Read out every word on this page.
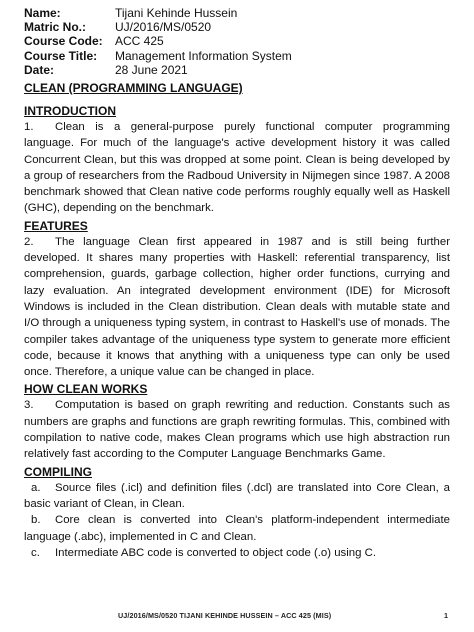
Name:	Tijani Kehinde Hussein
Matric No.:	UJ/2016/MS/0520
Course Code:	ACC 425
Course Title:	Management Information System
Date:	28 June 2021
CLEAN (PROGRAMMING LANGUAGE)
INTRODUCTION
1. Clean is a general-purpose purely functional computer programming language. For much of the language's active development history it was called Concurrent Clean, but this was dropped at some point. Clean is being developed by a group of researchers from the Radboud University in Nijmegen since 1987. A 2008 benchmark showed that Clean native code performs roughly equally well as Haskell (GHC), depending on the benchmark.
FEATURES
2. The language Clean first appeared in 1987 and is still being further developed. It shares many properties with Haskell: referential transparency, list comprehension, guards, garbage collection, higher order functions, currying and lazy evaluation. An integrated development environment (IDE) for Microsoft Windows is included in the Clean distribution. Clean deals with mutable state and I/O through a uniqueness typing system, in contrast to Haskell's use of monads. The compiler takes advantage of the uniqueness type system to generate more efficient code, because it knows that anything with a uniqueness type can only be used once. Therefore, a unique value can be changed in place.
HOW CLEAN WORKS
3. Computation is based on graph rewriting and reduction. Constants such as numbers are graphs and functions are graph rewriting formulas. This, combined with compilation to native code, makes Clean programs which use high abstraction run relatively fast according to the Computer Language Benchmarks Game.
COMPILING
a. Source files (.icl) and definition files (.dcl) are translated into Core Clean, a basic variant of Clean, in Clean.
b. Core clean is converted into Clean's platform-independent intermediate language (.abc), implemented in C and Clean.
c. Intermediate ABC code is converted to object code (.o) using C.
UJ/2016/MS/0520 TIJANI KEHINDE HUSSEIN – ACC 425 (MIS)	1
